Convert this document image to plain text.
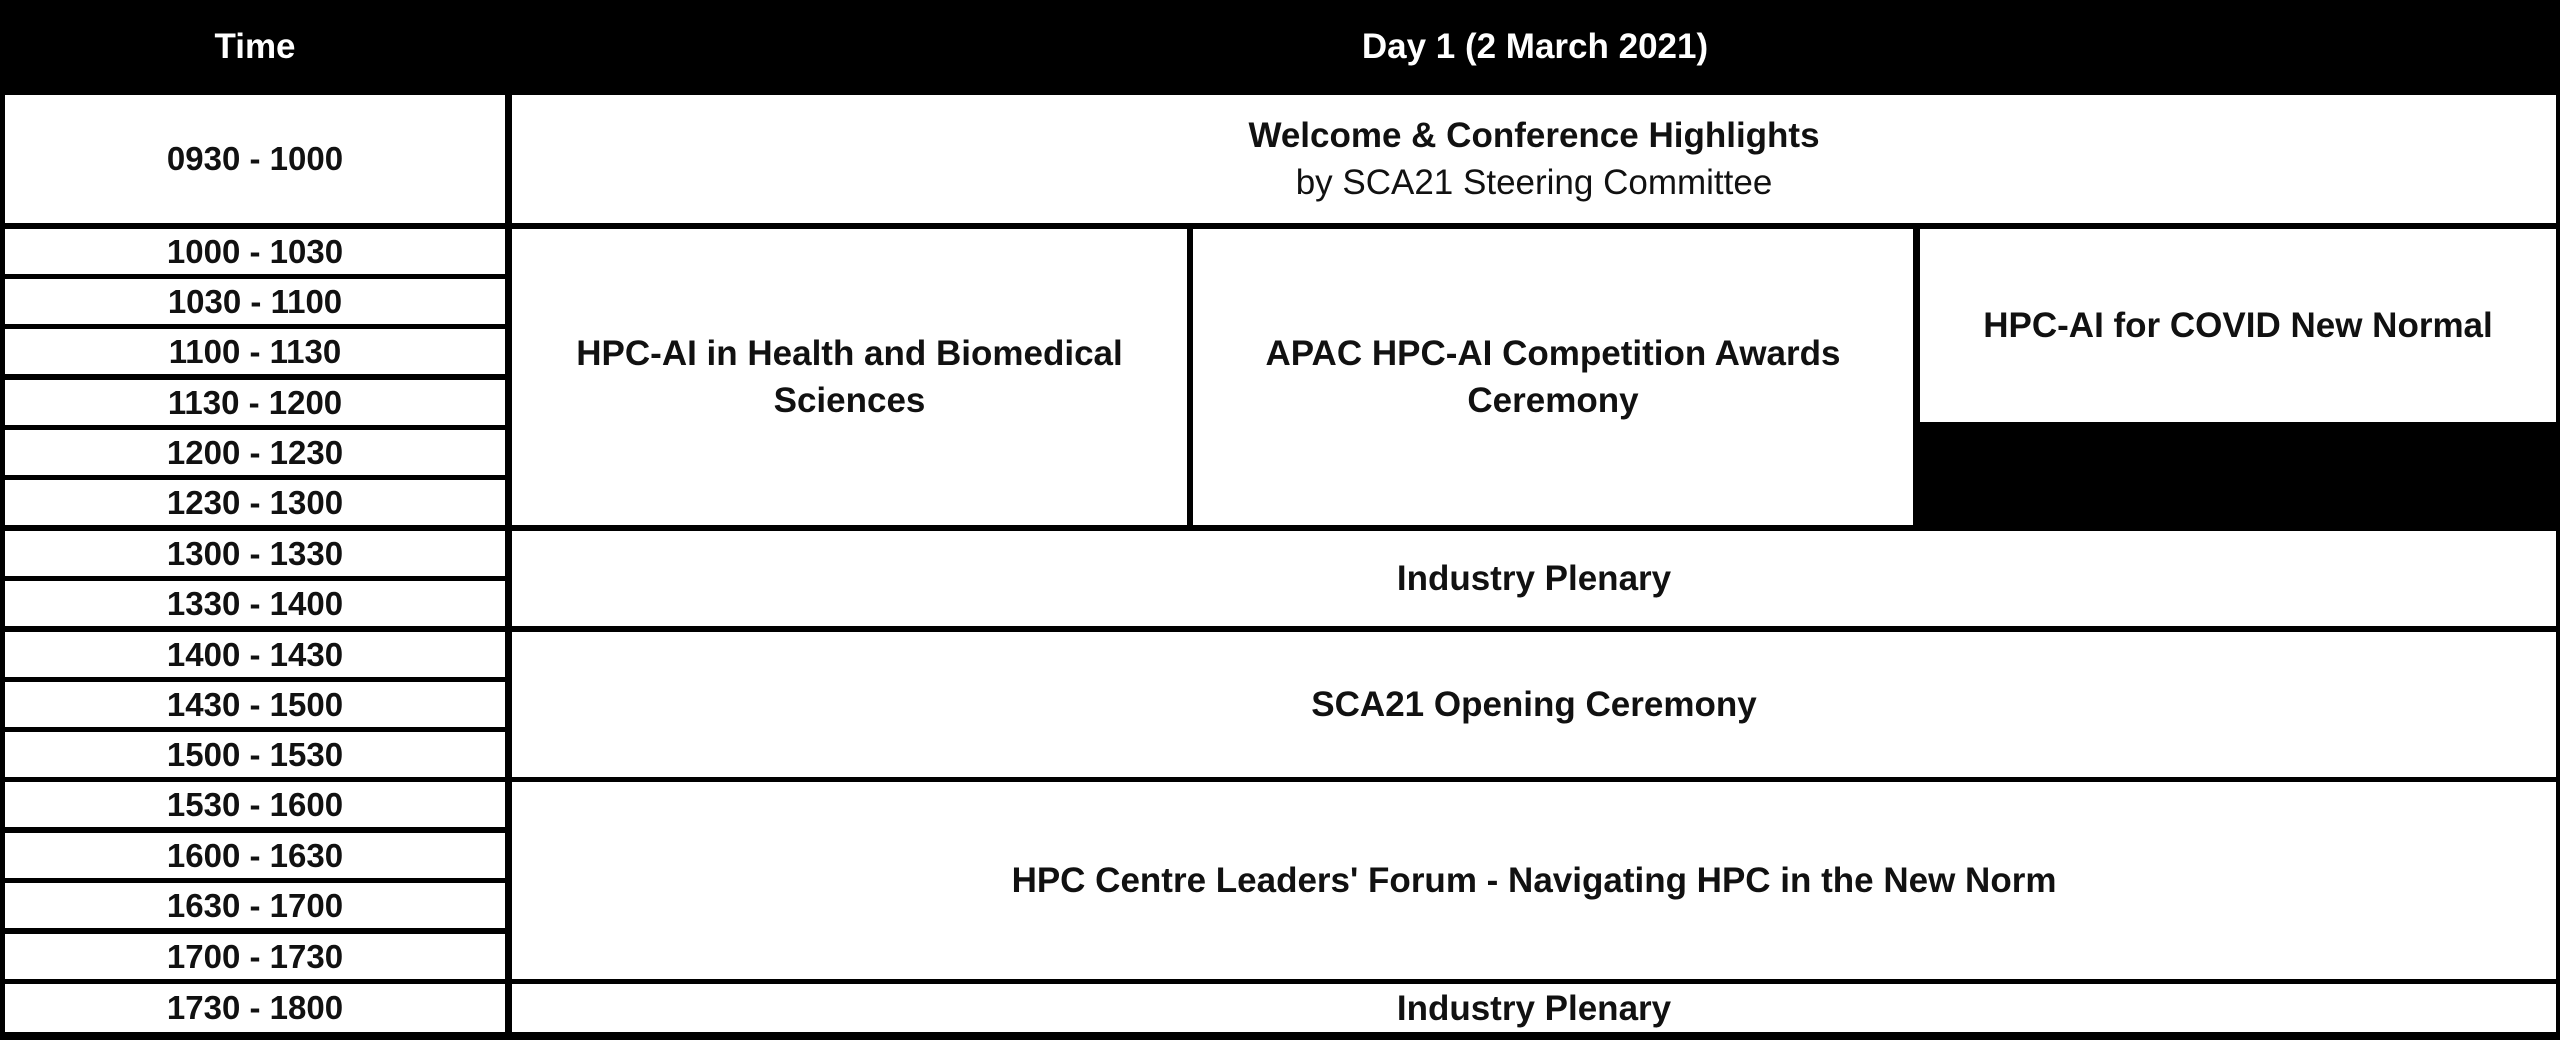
Time	Day 1 (2 March 2021)
0930 - 1000
1000 - 1030
1030 - 1100
1100 - 1130
1130 - 1200
1200 - 1230
1230 - 1300
1300 - 1330
1330 - 1400
1400 - 1430
1430 - 1500
1500 - 1530
1530 - 1600
1600 - 1630
1630 - 1700
1700 - 1730
1730 - 1800
Welcome & Conference Highlights
by SCA21 Steering Committee
HPC-AI in Health and Biomedical Sciences
APAC HPC-AI Competition Awards Ceremony
HPC-AI for COVID New Normal
Industry Plenary
SCA21 Opening Ceremony
HPC Centre Leaders' Forum - Navigating HPC in the New Norm
Industry Plenary
